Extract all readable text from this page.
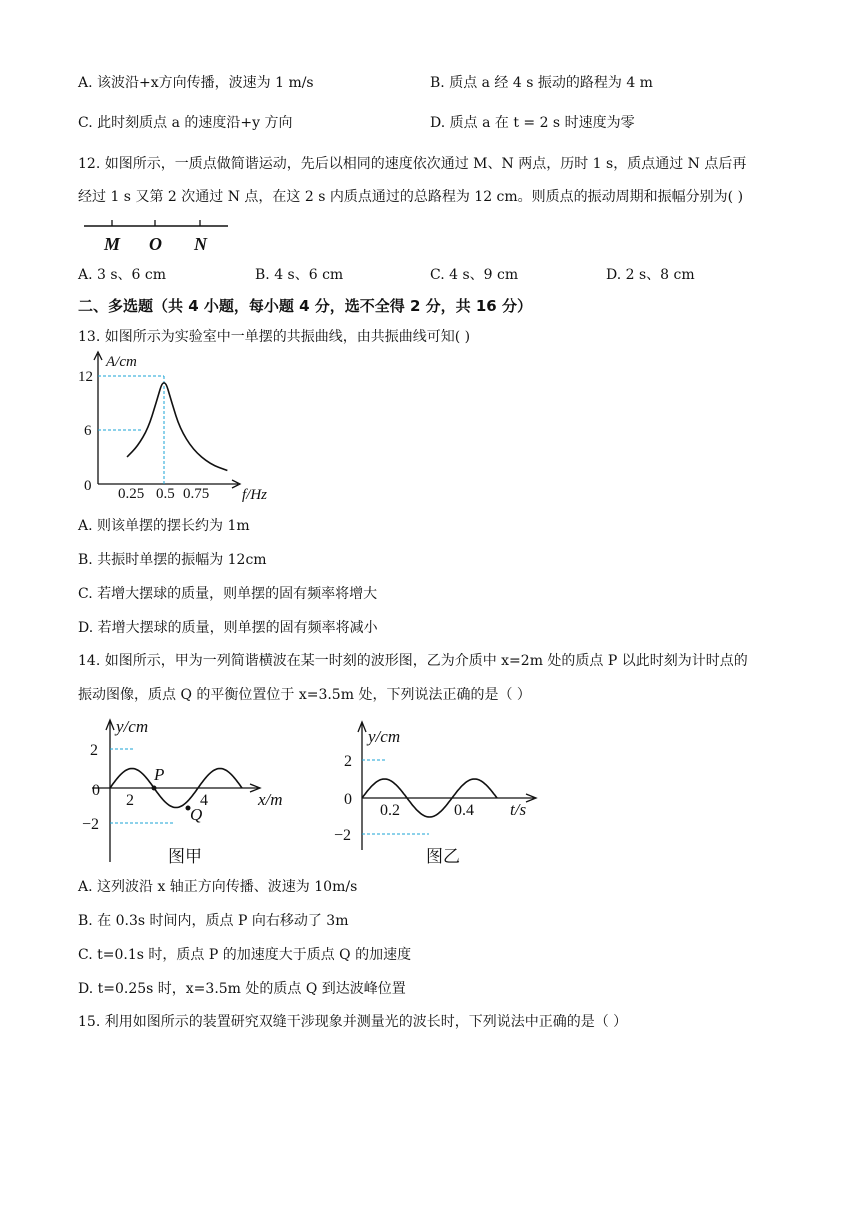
A. 该波沿+x方向传播，波速为 1 m/s	B. 质点 a 经 4 s 振动的路程为 4 m
C. 此时刻质点 a 的速度沿+y 方向	D. 质点 a 在 t = 2 s 时速度为零
12. 如图所示，一质点做简谐运动，先后以相同的速度依次通过 M、N 两点，历时 1 s，质点通过 N 点后再
经过 1 s 又第 2 次通过 N 点，在这 2 s 内质点通过的总路程为 12 cm。则质点的振动周期和振幅分别为( )
M O N
A. 3 s、6 cm	B. 4 s、6 cm	C. 4 s、9 cm	D. 2 s、8 cm
二、多选题（共 4 小题，每小题 4 分，选不全得 2 分，共 16 分）
13. 如图所示为实验室中一单摆的共振曲线，由共振曲线可知( )
A/cm
12
6
0 0.25 0.5 0.75 f/Hz
A. 则该单摆的摆长约为 1m
B. 共振时单摆的振幅为 12cm
C. 若增大摆球的质量，则单摆的固有频率将增大
D. 若增大摆球的质量，则单摆的固有频率将减小
14. 如图所示，甲为一列简谐横波在某一时刻的波形图，乙为介质中 x=2m 处的质点 P 以此时刻为计时点的
振动图像，质点 Q 的平衡位置位于 x=3.5m 处，下列说法正确的是（ ）
y/cm
2
0
−2
2	4	x/m
P
Q
图甲
y/cm
2
0
−2
0.2	0.4 t/s
图乙
A. 这列波沿 x 轴正方向传播、波速为 10m/s
B. 在 0.3s 时间内，质点 P 向右移动了 3m
C. t=0.1s 时，质点 P 的加速度大于质点 Q 的加速度
D. t=0.25s 时，x=3.5m 处的质点 Q 到达波峰位置
15. 利用如图所示的装置研究双缝干涉现象并测量光的波长时，下列说法中正确的是（ ）
